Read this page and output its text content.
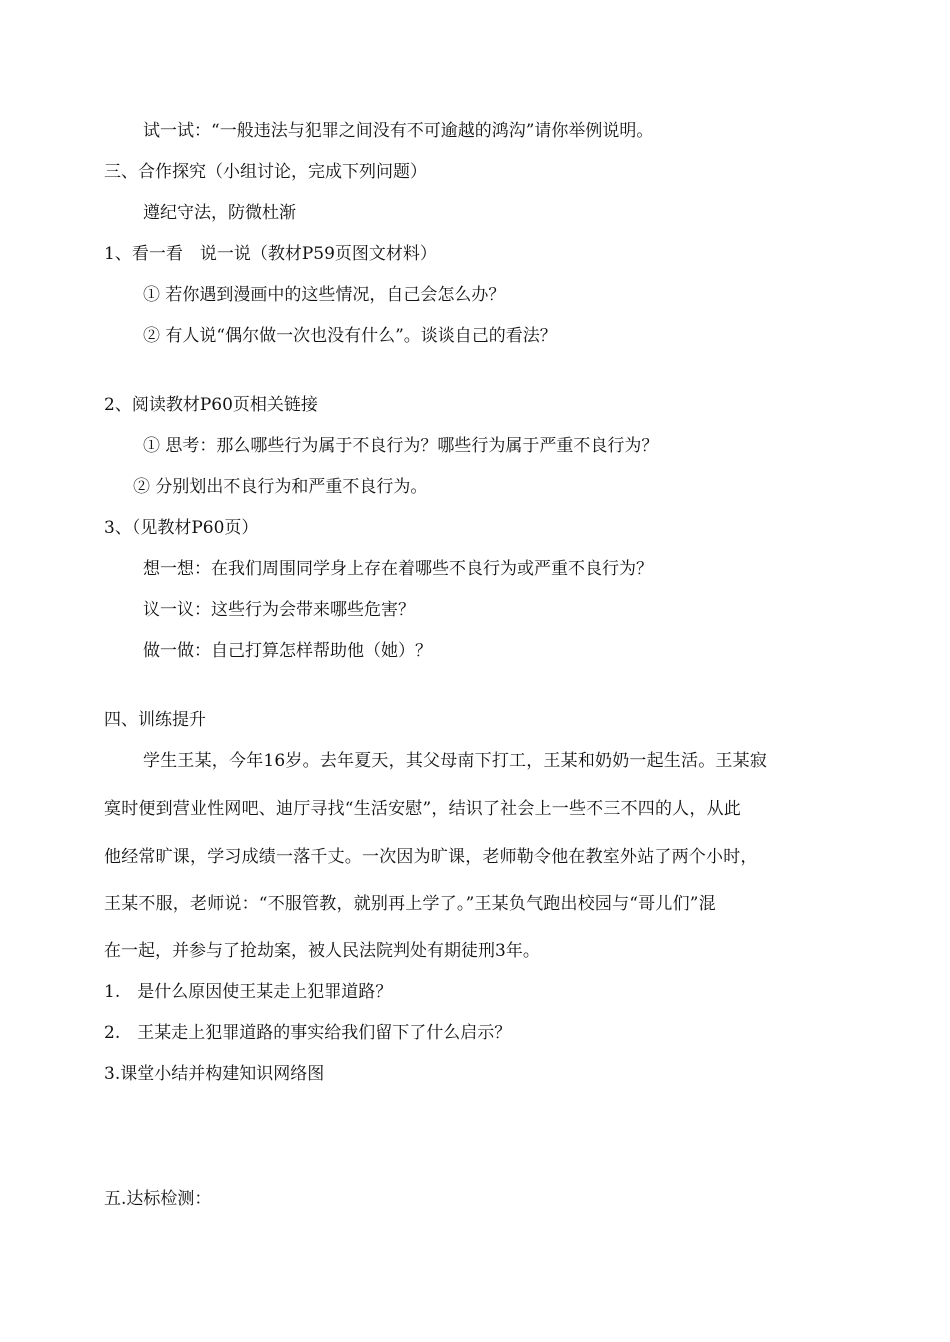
试一试：“一般违法与犯罪之间没有不可逾越的鸿沟”请你举例说明。
三、合作探究（小组讨论，完成下列问题）
遵纪守法，防微杜渐
1、看一看　说一说（教材P59页图文材料）
① 若你遇到漫画中的这些情况，自己会怎么办？
② 有人说“偶尔做一次也没有什么”。谈谈自己的看法？
2、阅读教材P60页相关链接
① 思考：那么哪些行为属于不良行为？哪些行为属于严重不良行为？
② 分别划出不良行为和严重不良行为。
3、（见教材P60页）
想一想：在我们周围同学身上存在着哪些不良行为或严重不良行为？
议一议：这些行为会带来哪些危害？
做一做：自己打算怎样帮助他（她）？
四、训练提升
学生王某，今年16岁。去年夏天，其父母南下打工，王某和奶奶一起生活。王某寂
寞时便到营业性网吧、迪厅寻找“生活安慰”，结识了社会上一些不三不四的人，从此
他经常旷课，学习成绩一落千丈。一次因为旷课，老师勒令他在教室外站了两个小时，
王某不服，老师说：“不服管教，就别再上学了。”王某负气跑出校园与“哥儿们”混
在一起，并参与了抢劫案，被人民法院判处有期徒刑3年。
1.　是什么原因使王某走上犯罪道路？
2.　王某走上犯罪道路的事实给我们留下了什么启示？
3.课堂小结并构建知识网络图
五.达标检测：
